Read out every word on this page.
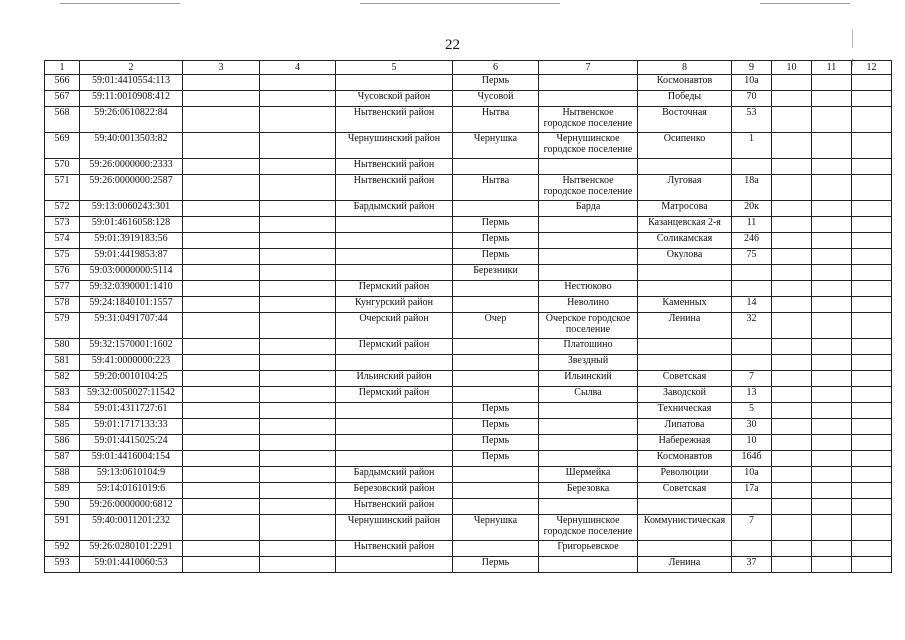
22
1	2	3	4	5	6	7	8	9	10	11	12
566	59:01:4410554:113				Пермь		Космонавтов	10а			
567	59:11:0010908:412			Чусовской район	Чусовой		Победы	70			
568	59:26:0610822:84			Нытвенский район	Нытва	Нытвенское городское поселение	Восточная	53			
569	59:40:0013503:82			Чернушинский район	Чернушка	Чернушинское городское поселение	Осипенко	1			
570	59:26:0000000:2333			Нытвенский район							
571	59:26:0000000:2587			Нытвенский район	Нытва	Нытвенское городское поселение	Луговая	18а			
572	59:13:0060243:301			Бардымский район		Барда	Матросова	20к			
573	59:01:4616058:128				Пермь		Казанцевская 2-я	11			
574	59:01:3919183:56				Пермь		Соликамская	246			
575	59:01:4419853:87				Пермь		Окулова	75			
576	59:03:0000000:5114				Березники						
577	59:32:0390001:1410			Пермский район		Нестюково					
578	59:24:1840101:1557			Кунгурский район		Неволино	Каменных	14			
579	59:31:0491707:44			Очерский район	Очер	Очерское городское поселение	Ленина	32			
580	59:32:1570001:1602			Пермский район		Платошино					
581	59:41:0000000:223					Звездный					
582	59:20:0010104:25			Ильинский район		Ильинский	Советская	7			
583	59:32:0050027:11542			Пермский район		Сылва	Заводской	13			
584	59:01:4311727:61				Пермь		Техническая	5			
585	59:01:1717133:33				Пермь		Липатова	30			
586	59:01:4415025:24				Пермь		Набережная	10			
587	59:01:4416004:154				Пермь		Космонавтов	164б			
588	59:13:0610104:9			Бардымский район		Шермейка	Революции	10а			
589	59:14:0161019:6			Березовский район		Березовка	Советская	17а			
590	59:26:0000000:6812			Нытвенский район							
591	59:40:0011201:232			Чернушинский район	Чернушка	Чернушинское городское поселение	Коммунистическая	7			
592	59:26:0280101:2291			Нытвенский район		Григорьевское					
593	59:01:4410060:53				Пермь		Ленина	37			
